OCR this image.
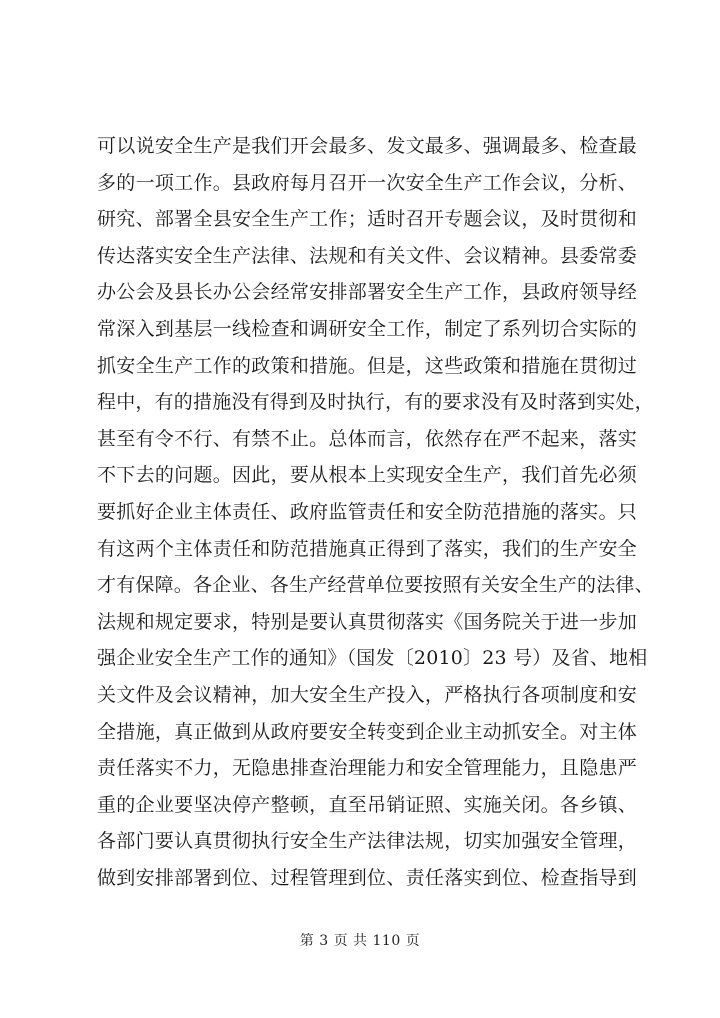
可以说安全生产是我们开会最多、发文最多、强调最多、检查最
多的一项工作。县政府每月召开一次安全生产工作会议，分析、
研究、部署全县安全生产工作；适时召开专题会议，及时贯彻和
传达落实安全生产法律、法规和有关文件、会议精神。县委常委
办公会及县长办公会经常安排部署安全生产工作，县政府领导经
常深入到基层一线检查和调研安全工作，制定了系列切合实际的
抓安全生产工作的政策和措施。但是，这些政策和措施在贯彻过
程中，有的措施没有得到及时执行，有的要求没有及时落到实处，
甚至有令不行、有禁不止。总体而言，依然存在严不起来，落实
不下去的问题。因此，要从根本上实现安全生产，我们首先必须
要抓好企业主体责任、政府监管责任和安全防范措施的落实。只
有这两个主体责任和防范措施真正得到了落实，我们的生产安全
才有保障。各企业、各生产经营单位要按照有关安全生产的法律、
法规和规定要求，特别是要认真贯彻落实《国务院关于进一步加
强企业安全生产工作的通知》（国发〔2010〕23 号）及省、地相
关文件及会议精神，加大安全生产投入，严格执行各项制度和安
全措施，真正做到从政府要安全转变到企业主动抓安全。对主体
责任落实不力，无隐患排查治理能力和安全管理能力，且隐患严
重的企业要坚决停产整顿，直至吊销证照、实施关闭。各乡镇、
各部门要认真贯彻执行安全生产法律法规，切实加强安全管理，
做到安排部署到位、过程管理到位、责任落实到位、检查指导到
第 3 页 共 110 页
